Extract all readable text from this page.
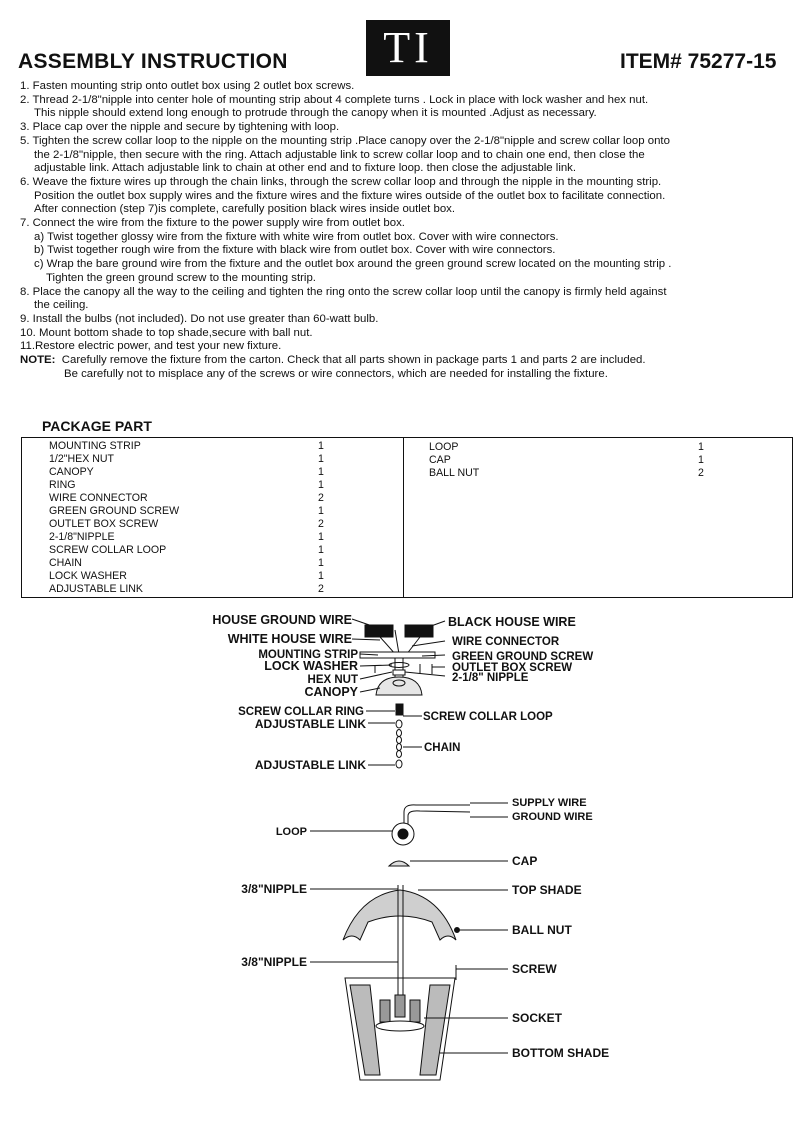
ASSEMBLY INSTRUCTION	TI	ITEM# 75277-15
1. Fasten mounting strip onto outlet box using 2 outlet box screws.
2. Thread 2-1/8"nipple into center hole of mounting strip about 4 complete turns . Lock in place with lock washer and hex nut.
This nipple should extend long enough to protrude through the canopy when it is mounted .Adjust as necessary.
3. Place cap over the nipple and secure by tightening with loop.
5. Tighten the screw collar loop to the nipple on the mounting strip .Place canopy over the 2-1/8"nipple and screw collar loop onto
the 2-1/8"nipple, then secure with the ring. Attach adjustable link to screw collar loop and to chain one end, then close the
adjustable link. Attach adjustable link to chain at other end and to fixture loop. then close the adjustable link.
6. Weave the fixture wires up through the chain links, through the screw collar loop and through the nipple in the mounting strip.
Position the outlet box supply wires and the fixture wires and the fixture wires outside of the outlet box to facilitate connection.
After connection (step 7)is complete, carefully position black wires inside outlet box.
7. Connect the wire from the fixture to the power supply wire from outlet box.
a) Twist together glossy wire from the fixture with white wire from outlet box. Cover with wire connectors.
b) Twist together rough wire from the fixture with black wire from outlet box. Cover with wire connectors.
c) Wrap the bare ground wire from the fixture and the outlet box around the green ground screw located on the mounting strip .
Tighten the green ground screw to the mounting strip.
8. Place the canopy all the way to the ceiling and tighten the ring onto the screw collar loop until the canopy is firmly held against
the ceiling.
9. Install the bulbs (not included). Do not use greater than 60-watt bulb.
10. Mount bottom shade to top shade,secure with ball nut.
11.Restore electric power, and test your new fixture.
NOTE: Carefully remove the fixture from the carton. Check that all parts shown in package parts 1 and parts 2 are included.
Be carefully not to misplace any of the screws or wire connectors, which are needed for installing the fixture.
PACKAGE PART
MOUNTING STRIP	1
1/2"HEX NUT	1
CANOPY	1
RING	1
WIRE CONNECTOR	2
GREEN GROUND SCREW	1
OUTLET BOX SCREW	2
2-1/8"NIPPLE	1
SCREW COLLAR LOOP	1
CHAIN	1
LOCK WASHER	1
ADJUSTABLE LINK	2
LOOP	1
CAP	1
BALL NUT	2
HOUSE GROUND WIRE
WHITE HOUSE WIRE
MOUNTING STRIP
LOCK WASHER
HEX NUT
CANOPY
BLACK HOUSE WIRE
WIRE CONNECTOR
GREEN GROUND SCREW
OUTLET BOX SCREW
2-1/8" NIPPLE
SCREW COLLAR RING
ADJUSTABLE LINK	SCREW COLLAR LOOP
CHAIN
ADJUSTABLE LINK
SUPPLY WIRE
GROUND WIRE
LOOP
CAP
3/8"NIPPLE	TOP SHADE
BALL NUT
3/8"NIPPLE	SCREW
SOCKET
BOTTOM SHADE
